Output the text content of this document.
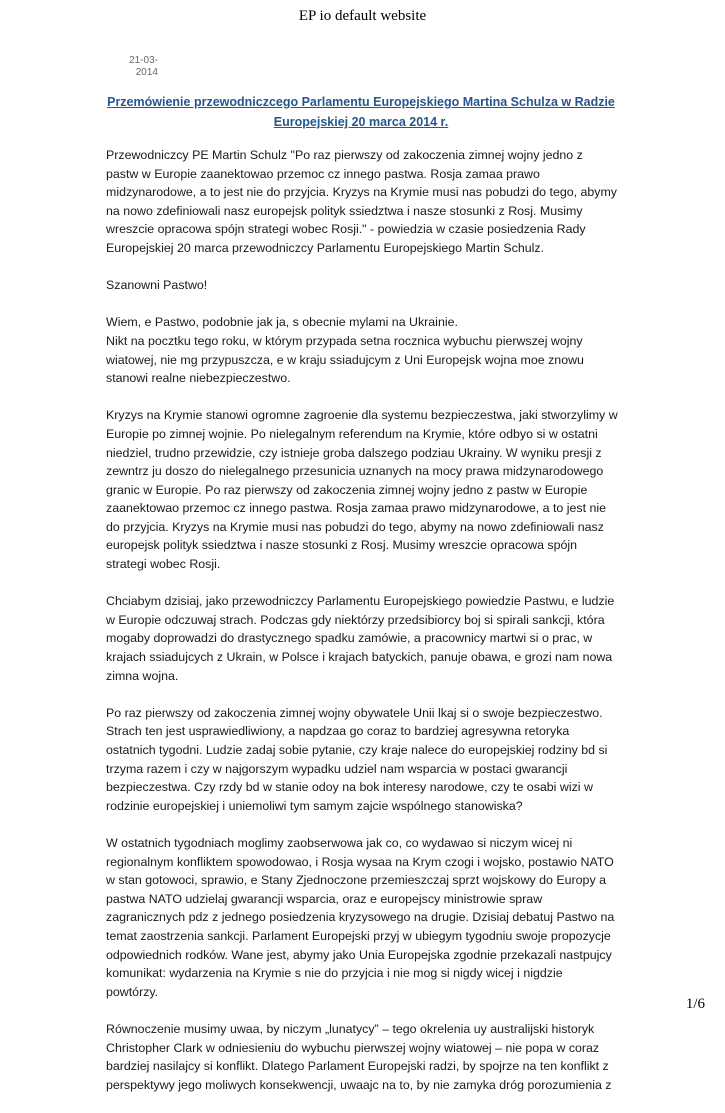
EP io default website
21-03-
2014
Przemówienie przewodniczcego Parlamentu Europejskiego Martina Schulza w Radzie Europejskiej 20 marca 2014 r.

Przewodniczcy PE Martin Schulz "Po raz pierwszy od zakoczenia zimnej wojny jedno z pastw w Europie zaanektowao przemoc cz innego pastwa. Rosja zamaa prawo midzynarodowe, a to jest nie do przyjcia. Kryzys na Krymie musi nas pobudzi do tego, abymy na nowo zdefiniowali nasz europejsk polityk ssiedztwa i nasze stosunki z Rosj. Musimy wreszcie opracowa spójn strategi wobec Rosji." - powiedzia w czasie posiedzenia Rady Europejskiej 20 marca przewodniczcy Parlamentu Europejskiego Martin Schulz.

Szanowni Pastwo!

Wiem, e Pastwo, podobnie jak ja, s obecnie mylami na Ukrainie.

Nikt na pocztku tego roku, w którym przypada setna rocznica wybuchu pierwszej wojny wiatowej, nie mg przypuszcza, e w kraju ssiadujcym z Uni Europejsk wojna moe znowu stanowi realne niebezpieczestwo.

Kryzys na Krymie stanowi ogromne zagroenie dla systemu bezpieczestwa, jaki stworzylimy w Europie po zimnej wojnie. Po nielegalnym referendum na Krymie, które odbyo si w ostatni niedziel, trudno przewidzie, czy istnieje groba dalszego podziau Ukrainy. W wyniku presji z zewntrz ju doszo do nielegalnego przesunicia uznanych na mocy prawa midzynarodowego granic w Europie. Po raz pierwszy od zakoczenia zimnej wojny jedno z pastw w Europie zaanektowao przemoc cz innego pastwa. Rosja zamaa prawo midzynarodowe, a to jest nie do przyjcia. Kryzys na Krymie musi nas pobudzi do tego, abymy na nowo zdefiniowali nasz europejsk polityk ssiedztwa i nasze stosunki z Rosj. Musimy wreszcie opracowa spójn strategi wobec Rosji.

Chciabym dzisiaj, jako przewodniczcy Parlamentu Europejskiego powiedzie Pastwu, e ludzie w Europie odczuwaj strach. Podczas gdy niektórzy przedsibiorcy boj si spirali sankcji, która mogaby doprowadzi do drastycznego spadku zamówie, a pracownicy martwi si o prac, w krajach ssiadujcych z Ukrain, w Polsce i krajach batyckich, panuje obawa, e grozi nam nowa zimna wojna.

Po raz pierwszy od zakoczenia zimnej wojny obywatele Unii lkaj si o swoje bezpieczestwo. Strach ten jest usprawiedliwiony, a napdzaa go coraz to bardziej agresywna retoryka ostatnich tygodni. Ludzie zadaj sobie pytanie, czy kraje nalece do europejskiej rodziny bd si trzyma razem i czy w najgorszym wypadku udziel nam wsparcia w postaci gwarancji bezpieczestwa. Czy rzdy bd w stanie odoy na bok interesy narodowe, czy te osabi wizi w rodzinie europejskiej i uniemoliwi tym samym zajcie wspólnego stanowiska?

W ostatnich tygodniach moglimy zaobserwowa jak co, co wydawao si niczym wicej ni regionalnym konfliktem spowodowao, i Rosja wysaa na Krym czogi i wojsko, postawio NATO w stan gotowoci, sprawio, e Stany Zjednoczone przemieszczaj sprzt wojskowy do Europy a pastwa NATO udzielaj gwarancji wsparcia, oraz e europejscy ministrowie spraw zagranicznych pdz z jednego posiedzenia kryzysowego na drugie. Dzisiaj debatuj Pastwo na temat zaostrzenia sankcji. Parlament Europejski przyj w ubiegym tygodniu swoje propozycje odpowiednich rodków. Wane jest, abymy jako Unia Europejska zgodnie przekazali nastpujcy komunikat: wydarzenia na Krymie s nie do przyjcia i nie mog si nigdy wicej i nigdzie powtórzy.

Równoczenie musimy uwaa, by niczym „lunatycy” – tego okrelenia uy australijski historyk Christopher Clark w odniesieniu do wybuchu pierwszej wojny wiatowej – nie popa w coraz bardziej nasilajcy si konflikt. Dlatego Parlament Europejski radzi, by spojrze na ten konflikt z perspektywy jego moliwych konsekwencji, uwaajc na to, by nie zamyka dróg porozumienia z

1/6
